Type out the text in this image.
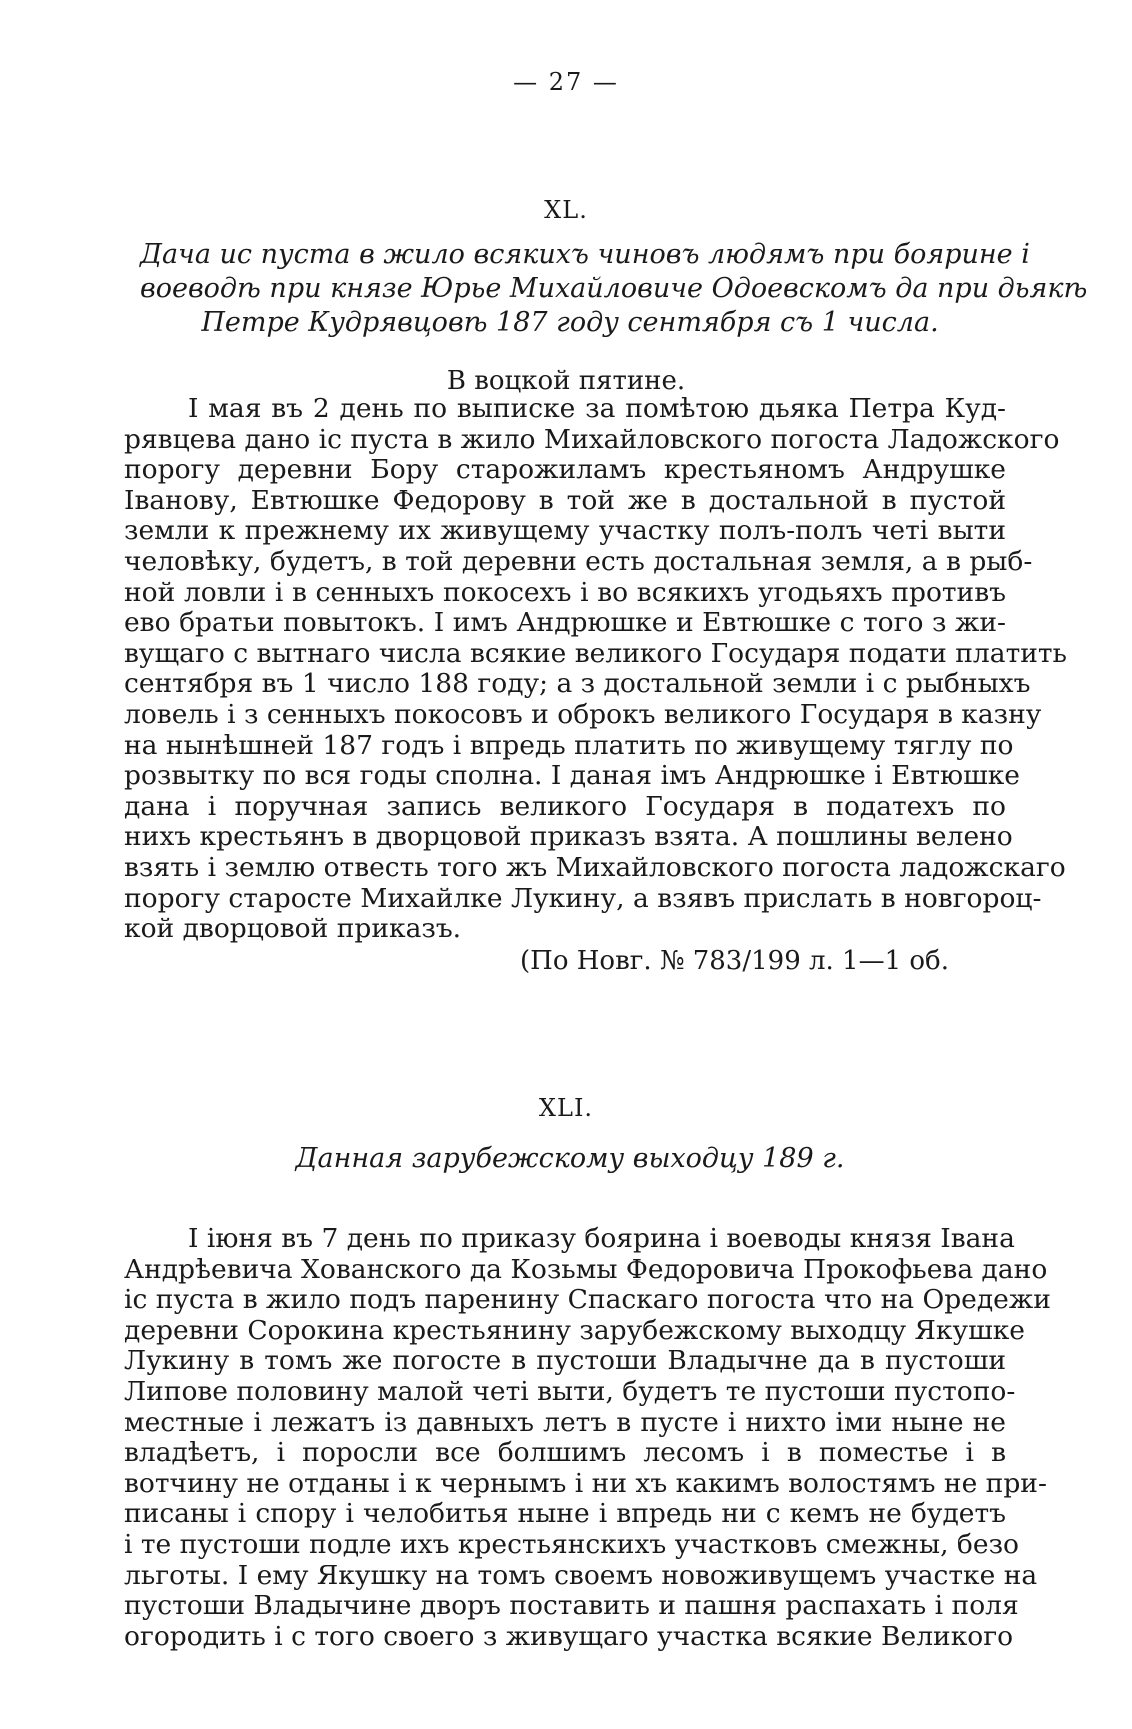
— 27 —
XL.
Дача ис пуста в жило всякихъ чиновъ людямъ при боярине і
воеводѣ при князе Юрье Михайловиче Одоевскомъ да при дьякѣ
Петре Кудрявцовѣ 187 году сентября съ 1 числа.
В воцкой пятине.
I мая въ 2 день по выписке за помѣтою дьяка Петра Куд-
рявцева дано іс пуста в жило Михайловского погоста Ладожского
порогу деревни Бору старожиламъ крестьяномъ Андрушке
Іванову, Евтюшке Федорову в той же в достальной в пустой
земли к прежнему их живущему участку полъ-полъ четі выти
человѣку, будетъ, в той деревни есть достальная земля, а в рыб-
ной ловли і в сенныхъ покосехъ і во всякихъ угодьяхъ противъ
ево братьи повытокъ. I имъ Андрюшке и Евтюшке с того з жи-
вущаго с вытнаго числа всякие великого Государя подати платить
сентября въ 1 число 188 году; а з достальной земли і с рыбныхъ
ловель і з сенныхъ покосовъ и оброкъ великого Государя в казну
на нынѣшней 187 годъ і впредь платить по живущему тяглу по
розвытку по вся годы сполна. I даная імъ Андрюшке і Евтюшке
дана і поручная запись великого Государя в податехъ по
нихъ крестьянъ в дворцовой приказъ взята. А пошлины велено
взять і землю отвесть того жъ Михайловского погоста ладожскаго
порогу старосте Михайлке Лукину, а взявъ прислать в новгороц-
кой дворцовой приказъ.
(По Новг. № 783/199 л. 1—1 об.
XLI.
Данная зарубежскому выходцу 189 г.
I іюня въ 7 день по приказу боярина і воеводы князя Івана
Андрѣевича Хованского да Козьмы Федоровича Прокофьева дано
іс пуста в жило подъ паренину Спаскаго погоста что на Оредежи
деревни Сорокина крестьянину зарубежскому выходцу Якушке
Лукину в томъ же погосте в пустоши Владычне да в пустоши
Липове половину малой четі выти, будетъ те пустоши пустопо-
местные і лежатъ із давныхъ летъ в пусте і нихто іми ныне не
владѣетъ, і поросли все болшимъ лесомъ і в поместье і в
вотчину не отданы і к чернымъ і ни хъ какимъ волостямъ не при-
писаны і спору і челобитья ныне і впредь ни с кемъ не будетъ
і те пустоши подле ихъ крестьянскихъ участковъ смежны, безо
льготы. I ему Якушку на томъ своемъ новоживущемъ участке на
пустоши Владычине дворъ поставить и пашня распахать і поля
огородить і с того своего з живущаго участка всякие Великого
